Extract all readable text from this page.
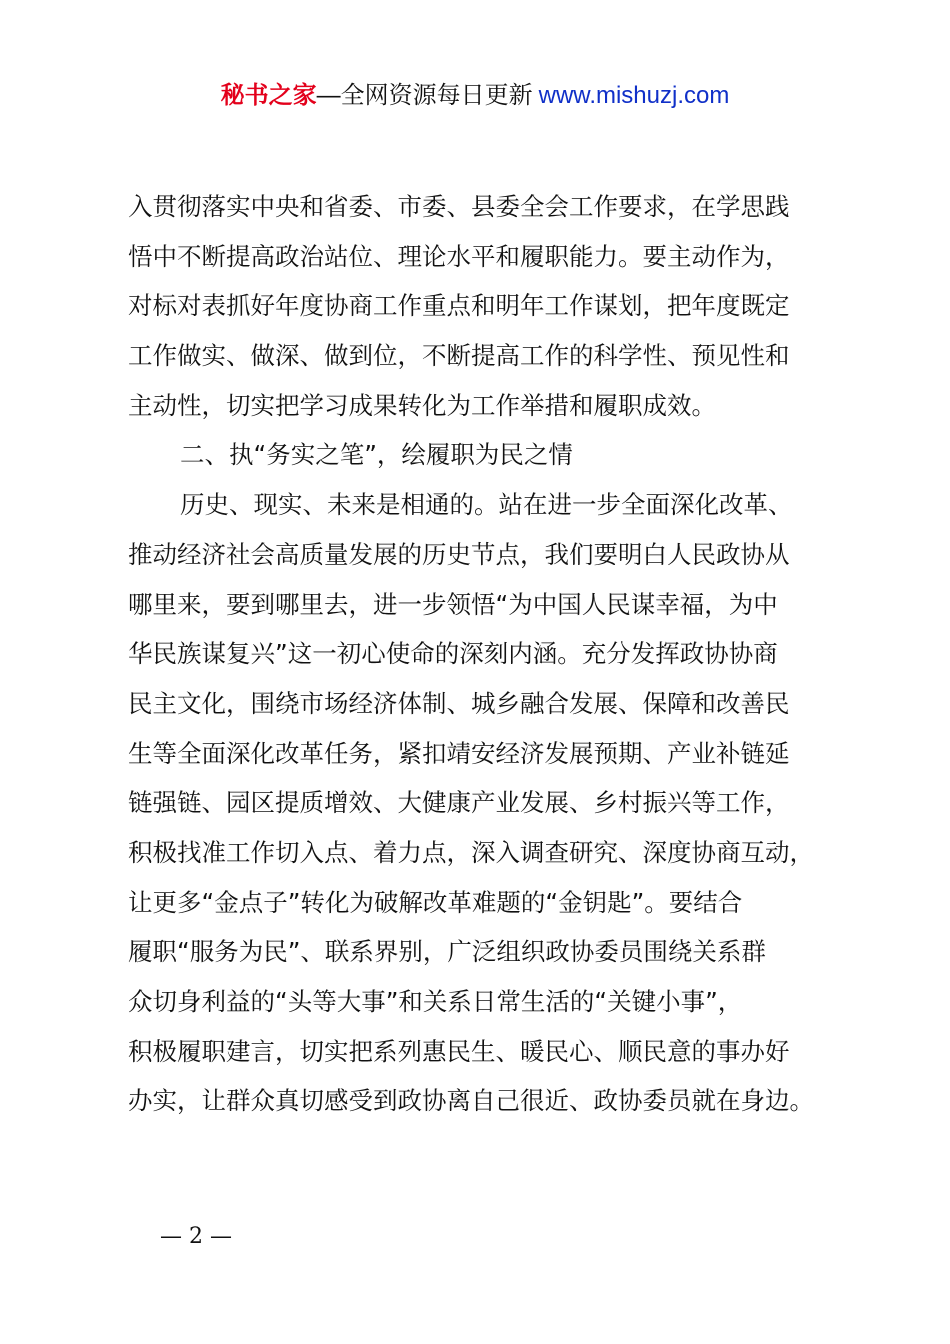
秘书之家—全网资源每日更新 www.mishuzj.com
入贯彻落实中央和省委、市委、县委全会工作要求，在学思践
悟中不断提高政治站位、理论水平和履职能力。要主动作为，
对标对表抓好年度协商工作重点和明年工作谋划，把年度既定
工作做实、做深、做到位，不断提高工作的科学性、预见性和
主动性，切实把学习成果转化为工作举措和履职成效。
二、执“务实之笔”，绘履职为民之情
历史、现实、未来是相通的。站在进一步全面深化改革、
推动经济社会高质量发展的历史节点，我们要明白人民政协从
哪里来，要到哪里去，进一步领悟“为中国人民谋幸福，为中
华民族谋复兴”这一初心使命的深刻内涵。充分发挥政协协商
民主文化，围绕市场经济体制、城乡融合发展、保障和改善民
生等全面深化改革任务，紧扣靖安经济发展预期、产业补链延
链强链、园区提质增效、大健康产业发展、乡村振兴等工作，
积极找准工作切入点、着力点，深入调查研究、深度协商互动，
让更多“金点子”转化为破解改革难题的“金钥匙”。要结合
履职“服务为民”、联系界别，广泛组织政协委员围绕关系群
众切身利益的“头等大事”和关系日常生活的“关键小事”，
积极履职建言，切实把系列惠民生、暖民心、顺民意的事办好
办实，让群众真切感受到政协离自己很近、政协委员就在身边。
— 2 —
